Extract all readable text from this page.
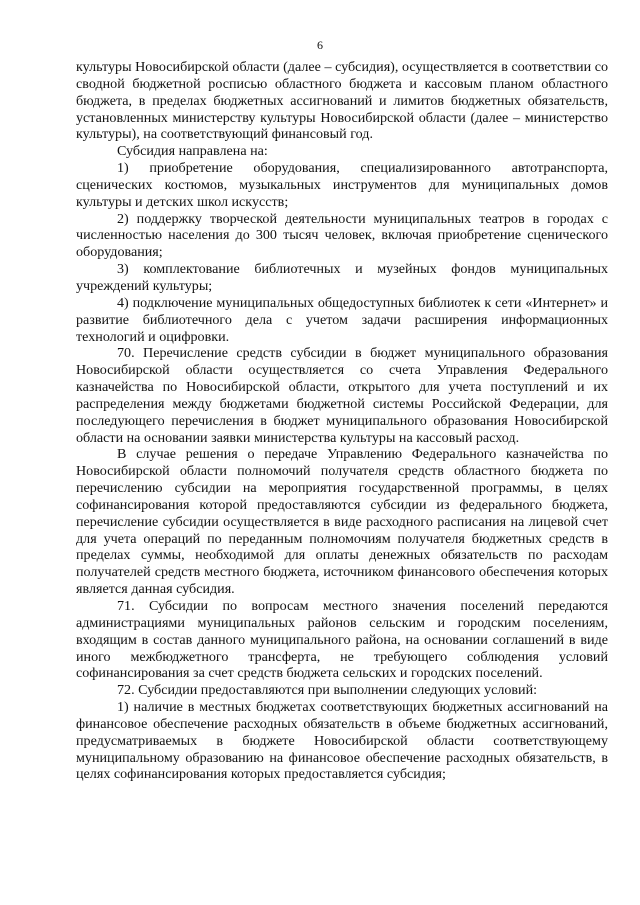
6

культуры Новосибирской области (далее – субсидия), осуществляется в соответствии со сводной бюджетной росписью областного бюджета и кассовым планом областного бюджета, в пределах бюджетных ассигнований и лимитов бюджетных обязательств, установленных министерству культуры Новосибирской области (далее – министерство культуры), на соответствующий финансовый год.

Субсидия направлена на:

1) приобретение оборудования, специализированного автотранспорта, сценических костюмов, музыкальных инструментов для муниципальных домов культуры и детских школ искусств;

2) поддержку творческой деятельности муниципальных театров в городах с численностью населения до 300 тысяч человек, включая приобретение сценического оборудования;

3) комплектование библиотечных и музейных фондов муниципальных учреждений культуры;

4) подключение муниципальных общедоступных библиотек к сети «Интернет» и развитие библиотечного дела с учетом задачи расширения информационных технологий и оцифровки.

70. Перечисление средств субсидии в бюджет муниципального образования Новосибирской области осуществляется со счета Управления Федерального казначейства по Новосибирской области, открытого для учета поступлений и их распределения между бюджетами бюджетной системы Российской Федерации, для последующего перечисления в бюджет муниципального образования Новосибирской области на основании заявки министерства культуры на кассовый расход.

В случае решения о передаче Управлению Федерального казначейства по Новосибирской области полномочий получателя средств областного бюджета по перечислению субсидии на мероприятия государственной программы, в целях софинансирования которой предоставляются субсидии из федерального бюджета, перечисление субсидии осуществляется в виде расходного расписания на лицевой счет для учета операций по переданным полномочиям получателя бюджетных средств в пределах суммы, необходимой для оплаты денежных обязательств по расходам получателей средств местного бюджета, источником финансового обеспечения которых является данная субсидия.

71. Субсидии по вопросам местного значения поселений передаются администрациями муниципальных районов сельским и городским поселениям, входящим в состав данного муниципального района, на основании соглашений в виде иного межбюджетного трансферта, не требующего соблюдения условий софинансирования за счет средств бюджета сельских и городских поселений.

72. Субсидии предоставляются при выполнении следующих условий:

1) наличие в местных бюджетах соответствующих бюджетных ассигнований на финансовое обеспечение расходных обязательств в объеме бюджетных ассигнований, предусматриваемых в бюджете Новосибирской области соответствующему муниципальному образованию на финансовое обеспечение расходных обязательств, в целях софинансирования которых предоставляется субсидия;
